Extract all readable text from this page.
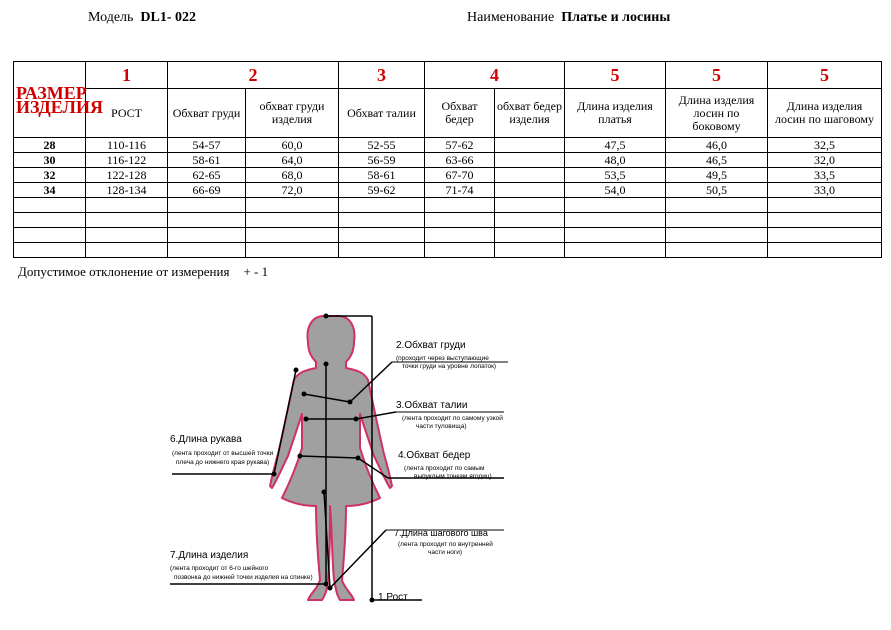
Модель DL1- 022	Наименование Платье и лосины
РАЗМЕР ИЗДЕЛИЯ	1	2		3	4		5	5	5
	РОСТ	Обхват груди	обхват груди изделия	Обхват талии	Обхват бедер	обхват бедер изделия	Длина изделия платья	Длина изделия лосин по боковому	Длина изделия лосин по шаговому
28	110-116	54-57	60,0	52-55	57-62		47,5	46,0	32,5
30	116-122	58-61	64,0	56-59	63-66		48,0	46,5	32,0
32	122-128	62-65	68,0	58-61	67-70		53,5	49,5	33,5
34	128-134	66-69	72,0	59-62	71-74		54,0	50,5	33,0

Допустимое отклонение от измерения + - 1
2.Обхват груди
(проходит через выступающие
точки груди на уровне лопаток)
3.Обхват талии
(лента проходит по самому узкой
части туловища)
6.Длина рукава
(лента проходит от высшей точки
плеча до нижнего края рукава)
4.Обхват бедер
(лента проходит по самым
выпуклым точкам ягодиц)
7.Длина шагового шва
(лента проходит по внутренней
части ноги)
7.Длина изделия
(лента проходит от 6-го шейного
позвонка до нижней точки изделия на спинке)
1.Рост
